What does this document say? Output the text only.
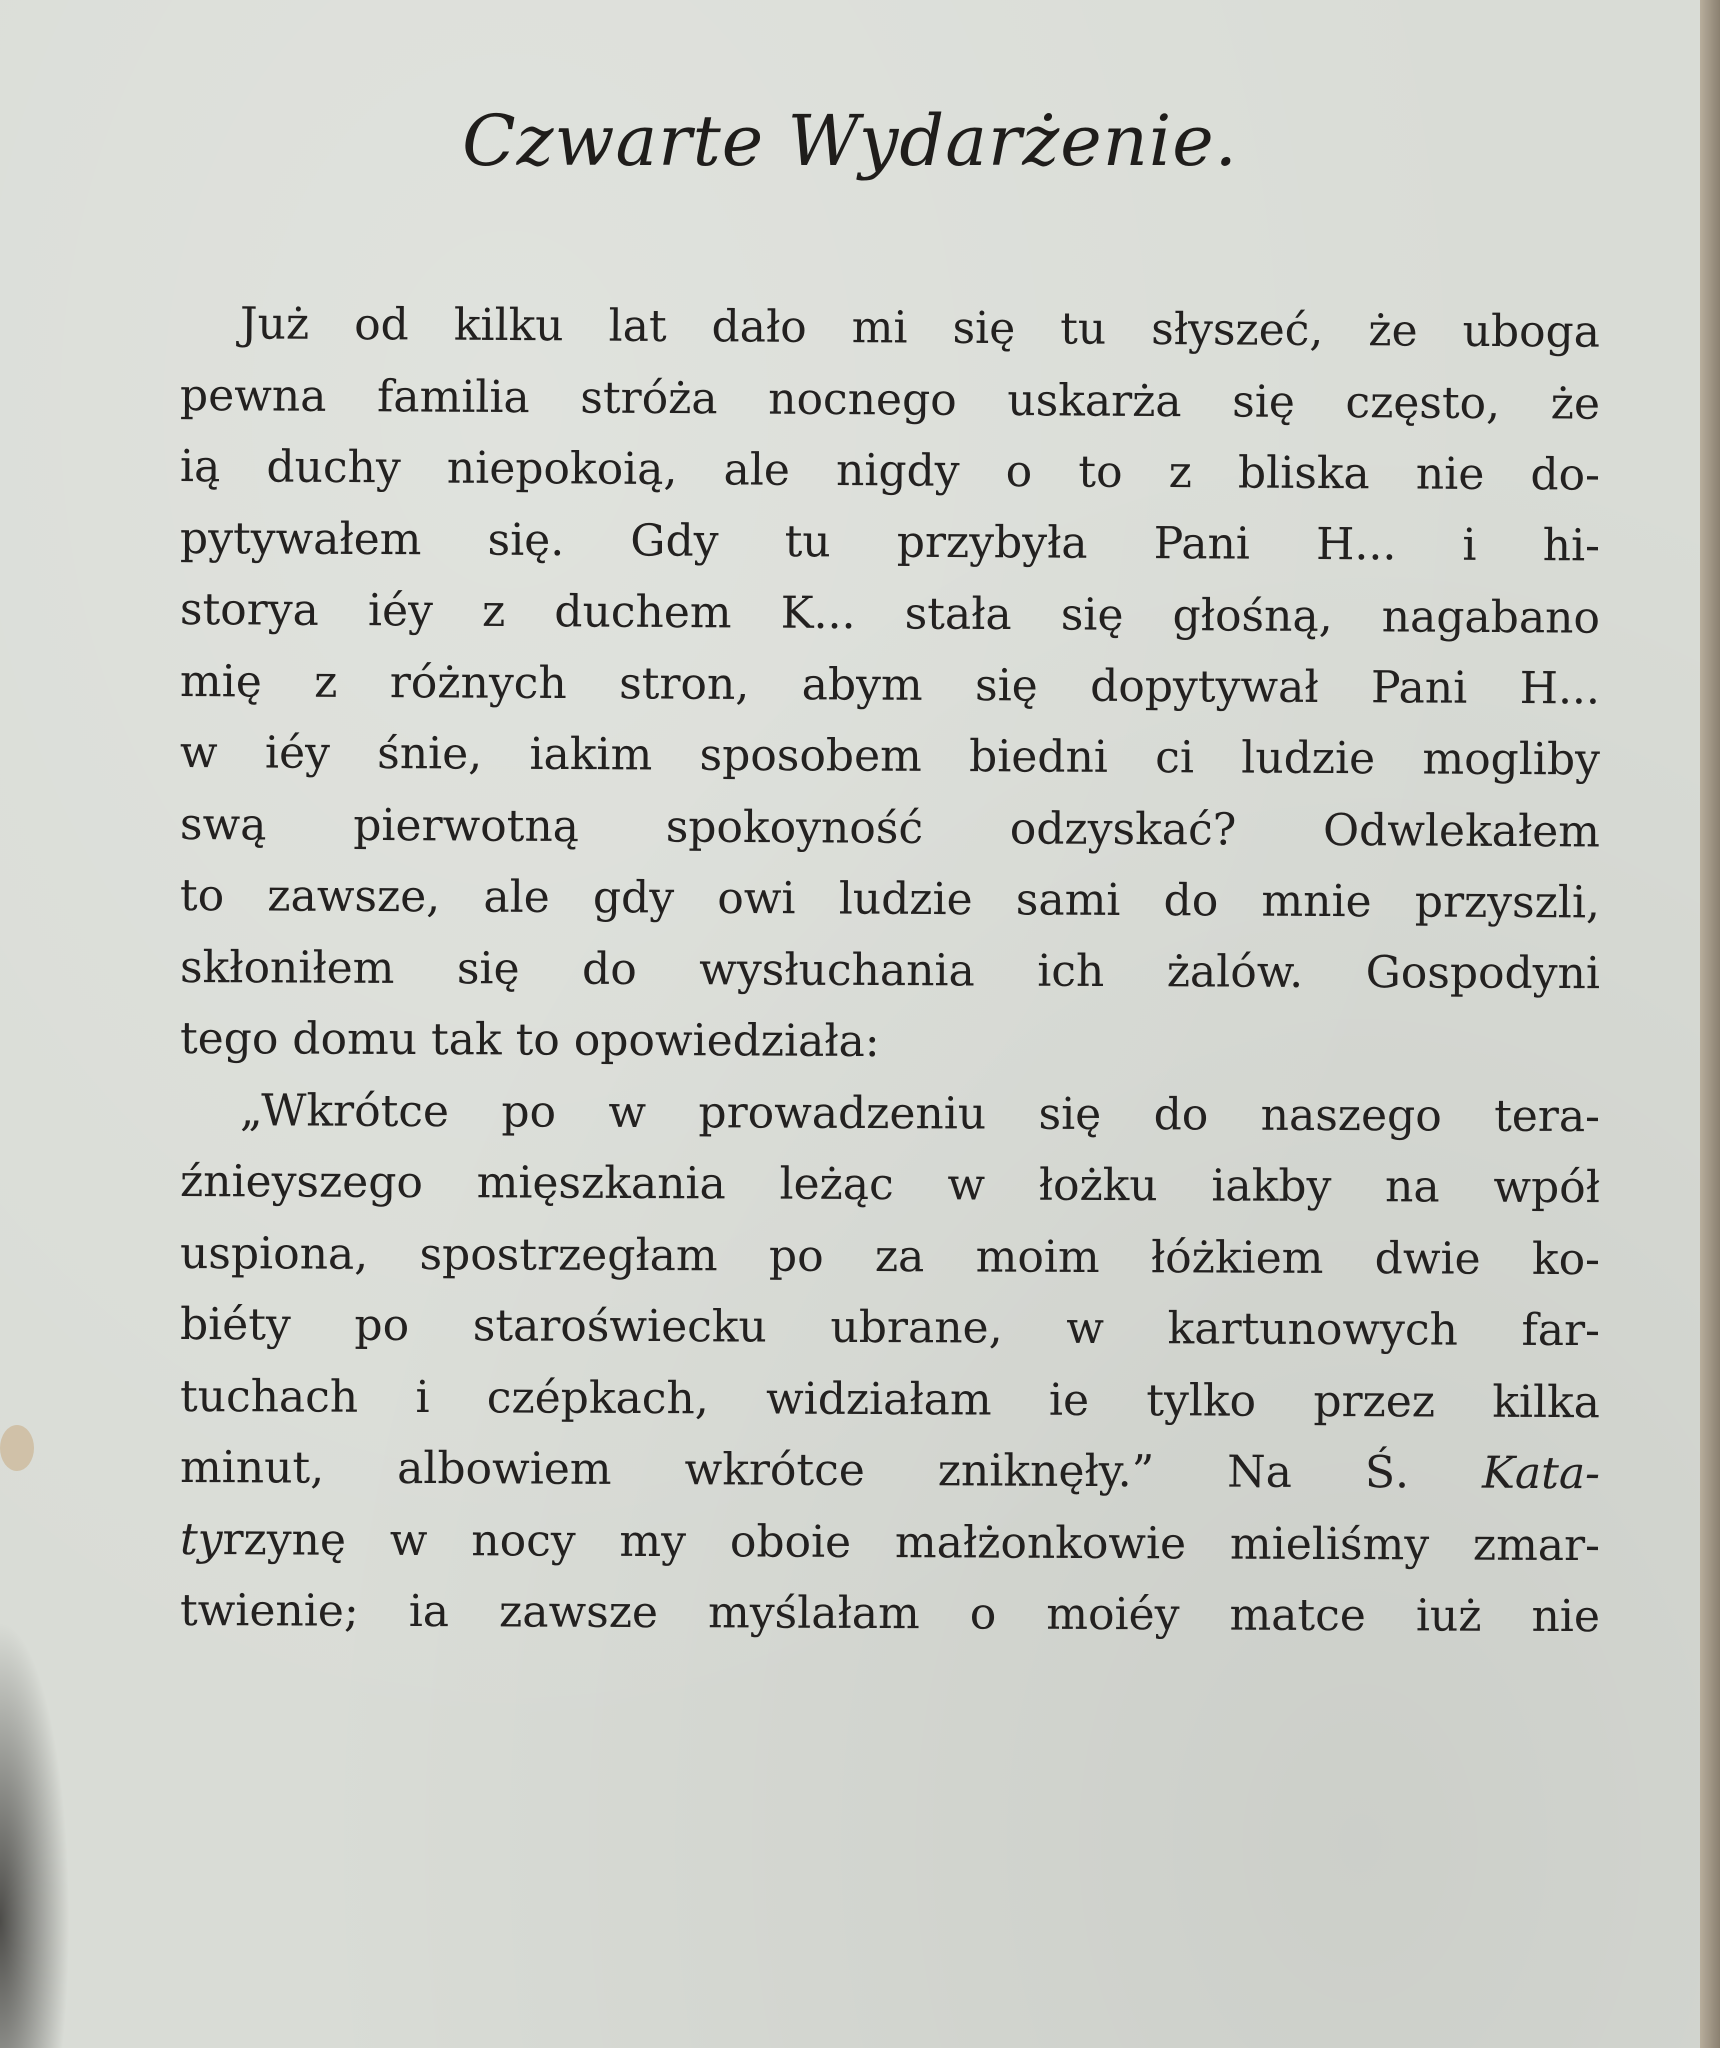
Czwarte Wydarżenie.
Już od kilku lat dało mi się tu słyszeć, że uboga
pewna familia stróża nocnego uskarża się często, że
ią duchy niepokoią, ale nigdy o to z bliska nie do-
pytywałem się. Gdy tu przybyła Pani H... i hi-
storya iéy z duchem K... stała się głośną, nagabano
mię z różnych stron, abym się dopytywał Pani H...
w iéy śnie, iakim sposobem biedni ci ludzie mogliby
swą pierwotną spokoyność odzyskać? Odwlekałem
to zawsze, ale gdy owi ludzie sami do mnie przyszli,
skłoniłem się do wysłuchania ich żalów. Gospodyni
tego domu tak to opowiedziała:
„Wkrótce po w prowadzeniu się do naszego tera-
źnieyszego mięszkania leżąc w łożku iakby na wpół
uspiona, spostrzegłam po za moim łóżkiem dwie ko-
biéty po staroświecku ubrane, w kartunowych far-
tuchach i czépkach, widziałam ie tylko przez kilka
minut, albowiem wkrótce zniknęły.” Na Ś. Kata-
tyrzynę w nocy my oboie małżonkowie mieliśmy zmar-
twienie; ia zawsze myślałam o moiéy matce iuż nie
